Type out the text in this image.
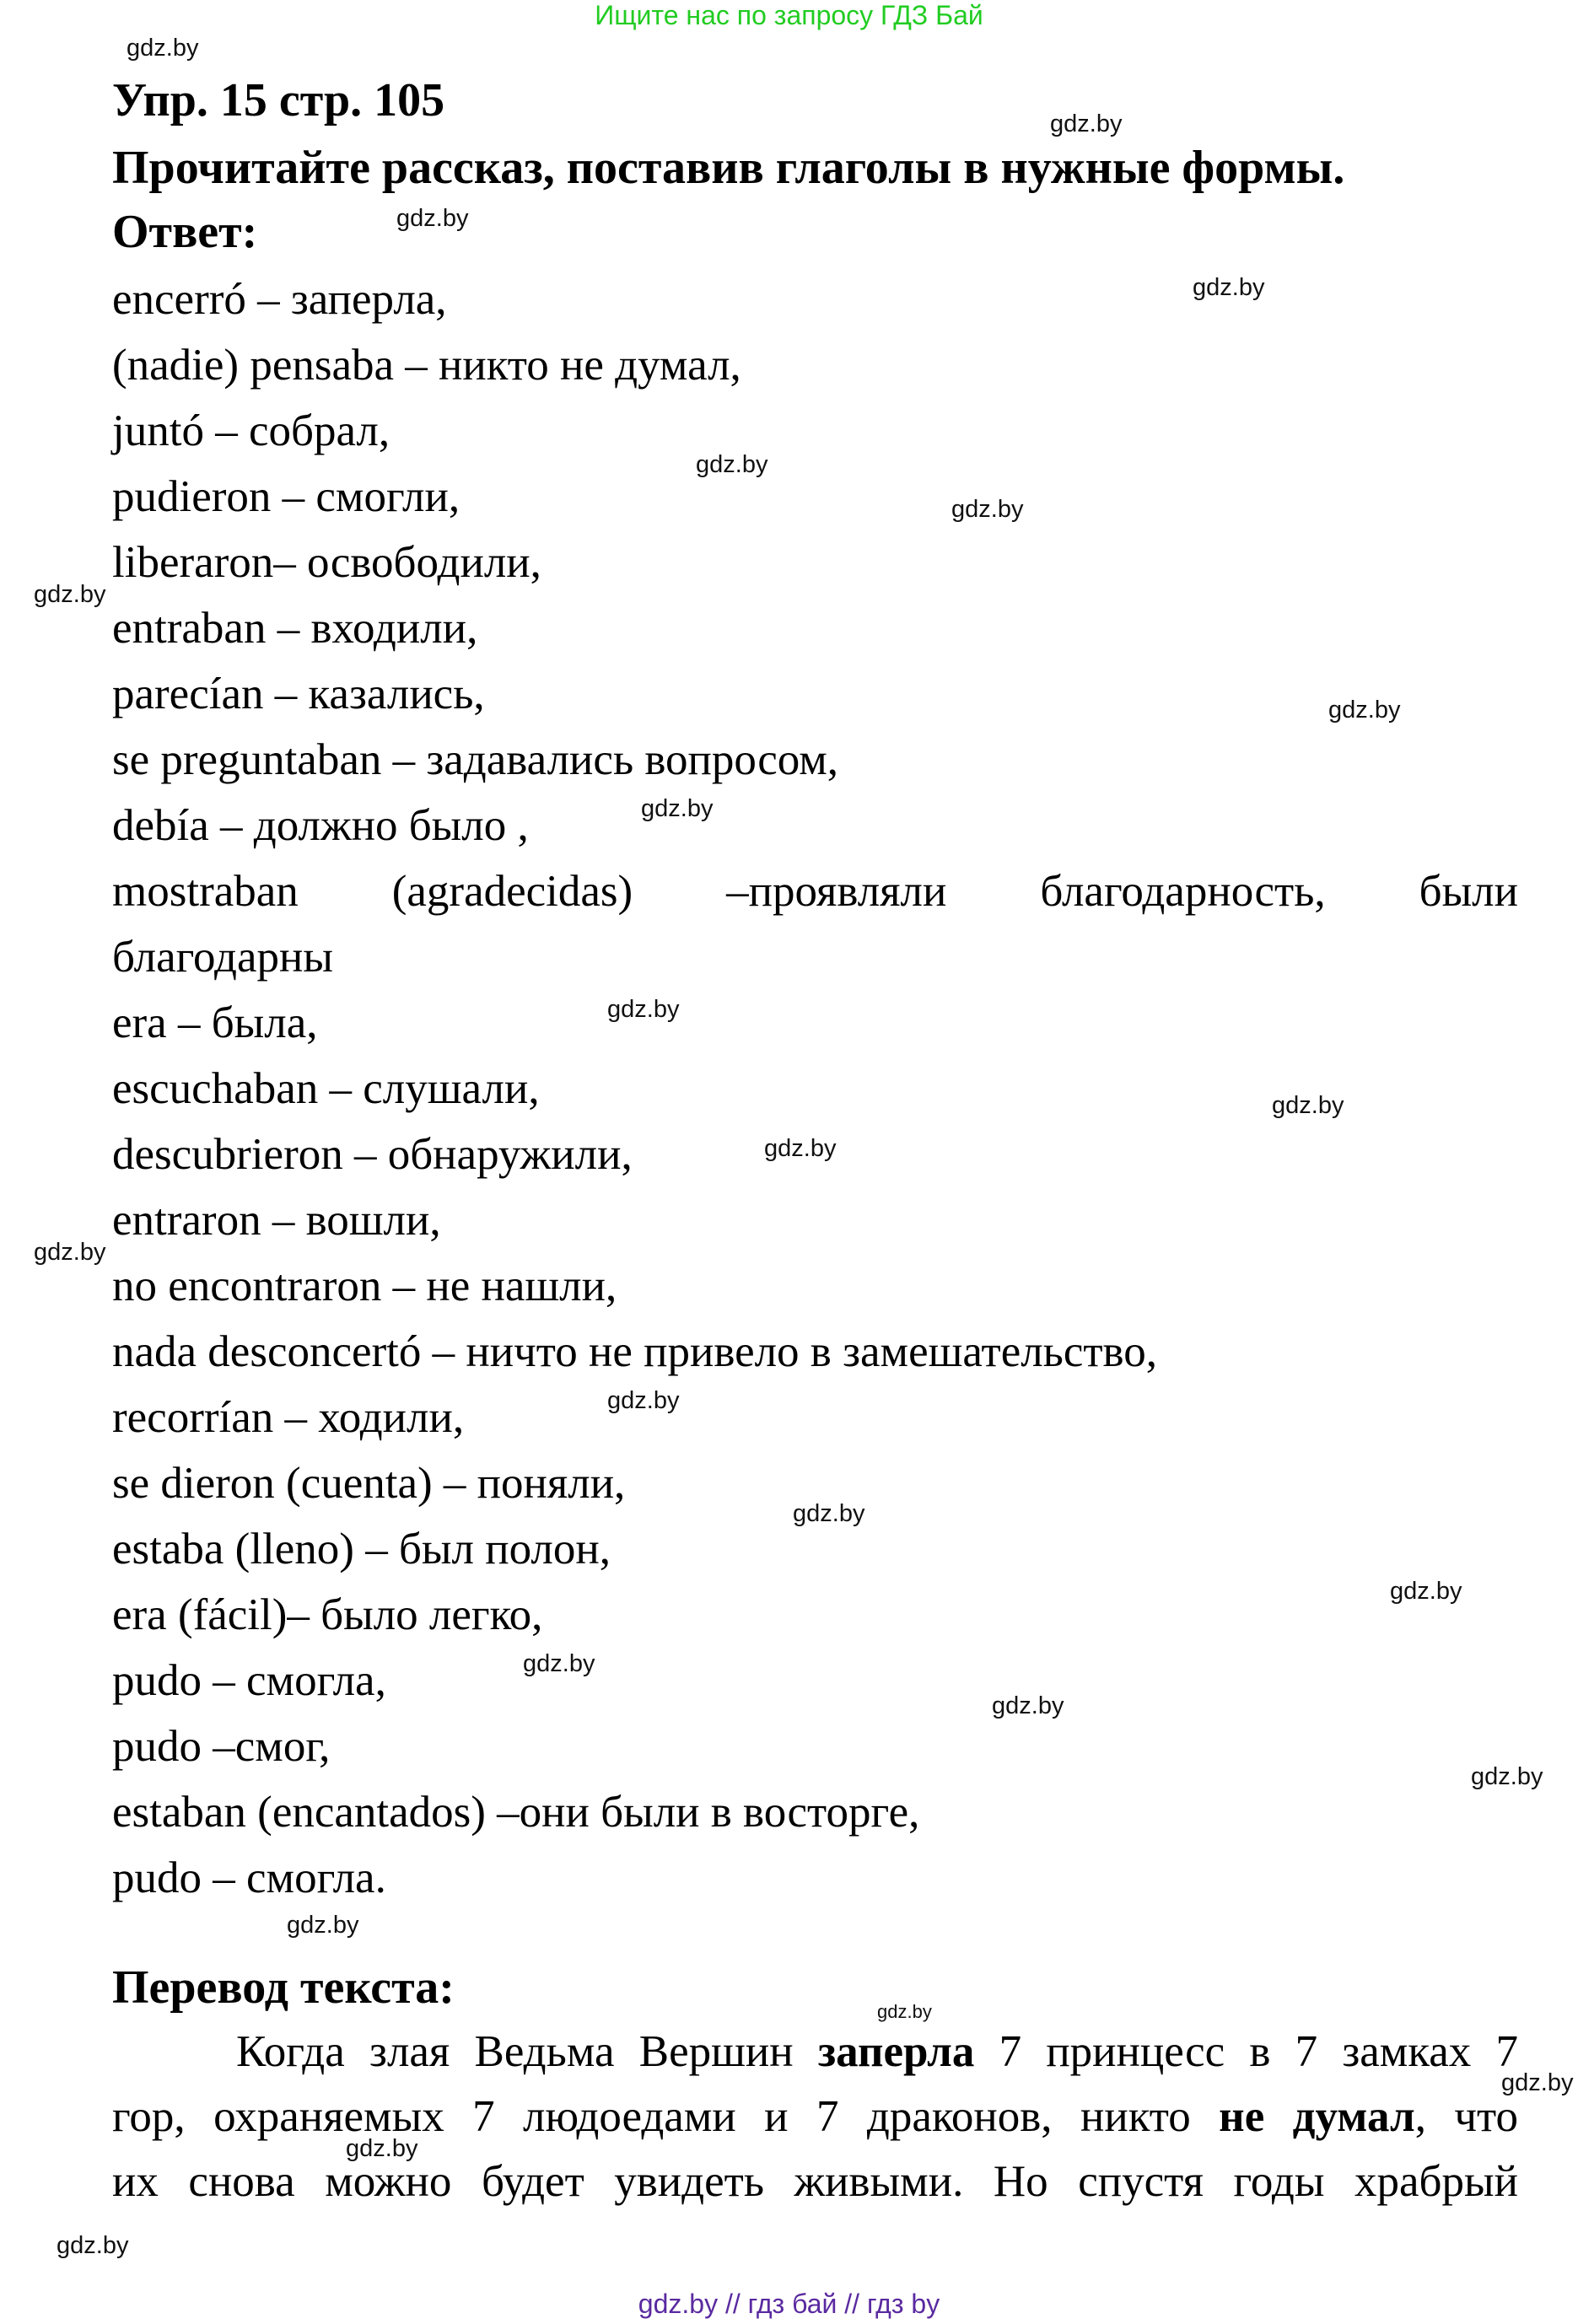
Ищите нас по запросу ГДЗ Бай
Упр. 15 стр. 105
Прочитайте рассказ, поставив глаголы в нужные формы.
Ответ:
encerró – заперла,
(nadie) pensaba – никто не думал,
juntó – собрал,
pudieron – смогли,
liberaron– освободили,
entraban – входили,
parecían – казались,
se preguntaban – задавались вопросом,
debía – должно было ,
mostraban (agradecidas) –проявляли благодарность, были
благодарны
era – была,
escuchaban – слушали,
descubrieron – обнаружили,
entraron – вошли,
no encontraron – не нашли,
nada desconcertó – ничто не привело в замешательство,
recorrían – ходили,
se dieron (cuenta) – поняли,
estaba (lleno) – был полон,
era (fácil)– было легко,
pudo – смогла,
pudo –смог,
estaban (encantados) –они были в восторге,
pudo – смогла.
Перевод текста:
Когда злая Ведьма Вершин заперла 7 принцесс в 7 замках 7
гор, охраняемых 7 людоедами и 7 драконов, никто не думал, что
их снова можно будет увидеть живыми. Но спустя годы храбрый
gdz.by
gdz.by
gdz.by
gdz.by
gdz.by
gdz.by
gdz.by
gdz.by
gdz.by
gdz.by
gdz.by
gdz.by
gdz.by
gdz.by
gdz.by
gdz.by
gdz.by
gdz.by
gdz.by
gdz.by
gdz.by
gdz.by
gdz.by
gdz.by
gdz.by // гдз бай // гдз by
